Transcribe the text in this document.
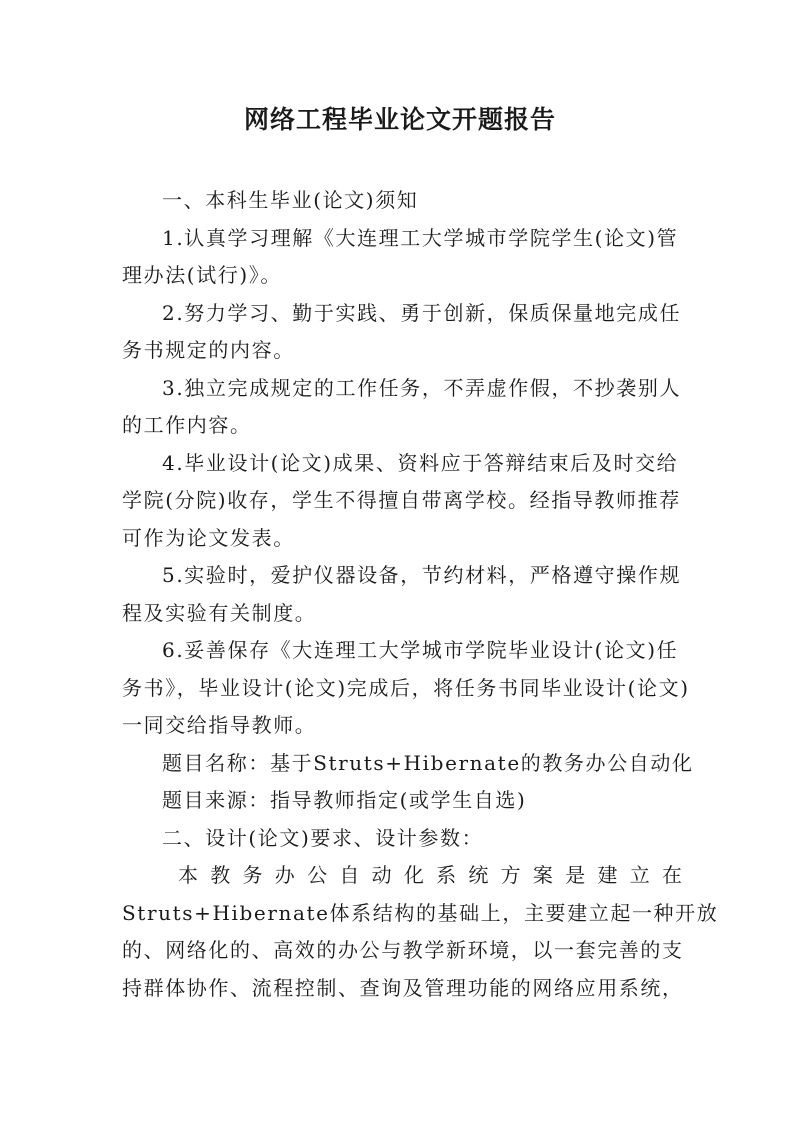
网络工程毕业论文开题报告
一、本科生毕业(论文)须知
1.认真学习理解《大连理工大学城市学院学生(论文)管
理办法(试行)》。
2.努力学习、勤于实践、勇于创新，保质保量地完成任
务书规定的内容。
3.独立完成规定的工作任务，不弄虚作假，不抄袭别人
的工作内容。
4.毕业设计(论文)成果、资料应于答辩结束后及时交给
学院(分院)收存，学生不得擅自带离学校。经指导教师推荐
可作为论文发表。
5.实验时，爱护仪器设备，节约材料，严格遵守操作规
程及实验有关制度。
6.妥善保存《大连理工大学城市学院毕业设计(论文)任
务书》，毕业设计(论文)完成后，将任务书同毕业设计(论文)
一同交给指导教师。
题目名称：基于Struts+Hibernate的教务办公自动化
题目来源：指导教师指定(或学生自选)
二、设计(论文)要求、设计参数：
本教务办公自动化系统方案是建立在
Struts+Hibernate体系结构的基础上，主要建立起一种开放
的、网络化的、高效的办公与教学新环境，以一套完善的支
持群体协作、流程控制、查询及管理功能的网络应用系统，
